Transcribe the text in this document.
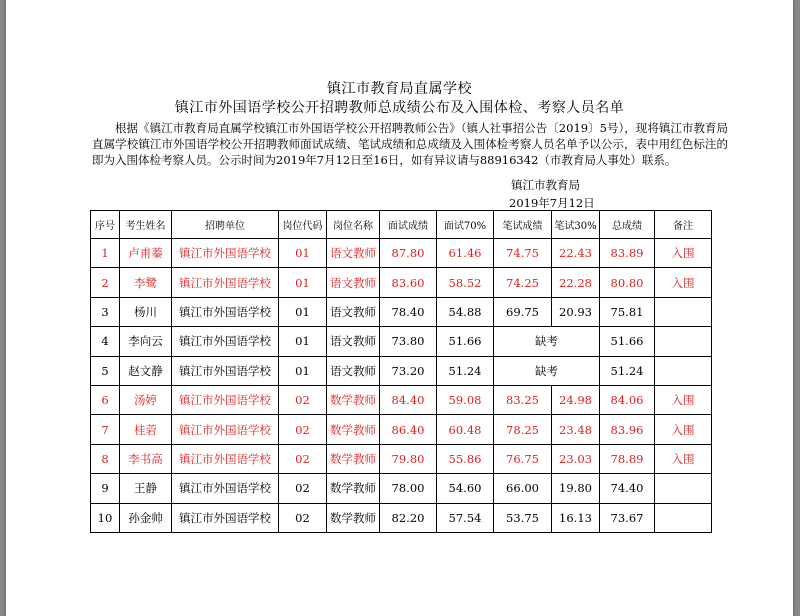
镇江市教育局直属学校
镇江市外国语学校公开招聘教师总成绩公布及入围体检、考察人员名单
根据《镇江市教育局直属学校镇江市外国语学校公开招聘教师公告》（镇人社事招公告〔2019〕5号），现将镇江市教育局直属学校镇江市外国语学校公开招聘教师面试成绩、笔试成绩和总成绩及入围体检考察人员名单予以公示，表中用红色标注的即为入围体检考察人员。公示时间为2019年7月12日至16日，如有异议请与88916342（市教育局人事处）联系。
镇江市教育局
2019年7月12日
序号	考生姓名	招聘单位	岗位代码	岗位名称	面试成绩	面试70%	笔试成绩	笔试30%	总成绩	备注
1	卢甫蓁	镇江市外国语学校	01	语文教师	87.80	61.46	74.75	22.43	83.89	入围
2	李鹭	镇江市外国语学校	01	语文教师	83.60	58.52	74.25	22.28	80.80	入围
3	杨川	镇江市外国语学校	01	语文教师	78.40	54.88	69.75	20.93	75.81	
4	李向云	镇江市外国语学校	01	语文教师	73.80	51.66	缺考		51.66	
5	赵文静	镇江市外国语学校	01	语文教师	73.20	51.24	缺考		51.24	
6	汤婷	镇江市外国语学校	02	数学教师	84.40	59.08	83.25	24.98	84.06	入围
7	桂菪	镇江市外国语学校	02	数学教师	86.40	60.48	78.25	23.48	83.96	入围
8	李书高	镇江市外国语学校	02	数学教师	79.80	55.86	76.75	23.03	78.89	入围
9	王静	镇江市外国语学校	02	数学教师	78.00	54.60	66.00	19.80	74.40	
10	孙金帅	镇江市外国语学校	02	数学教师	82.20	57.54	53.75	16.13	73.67	
